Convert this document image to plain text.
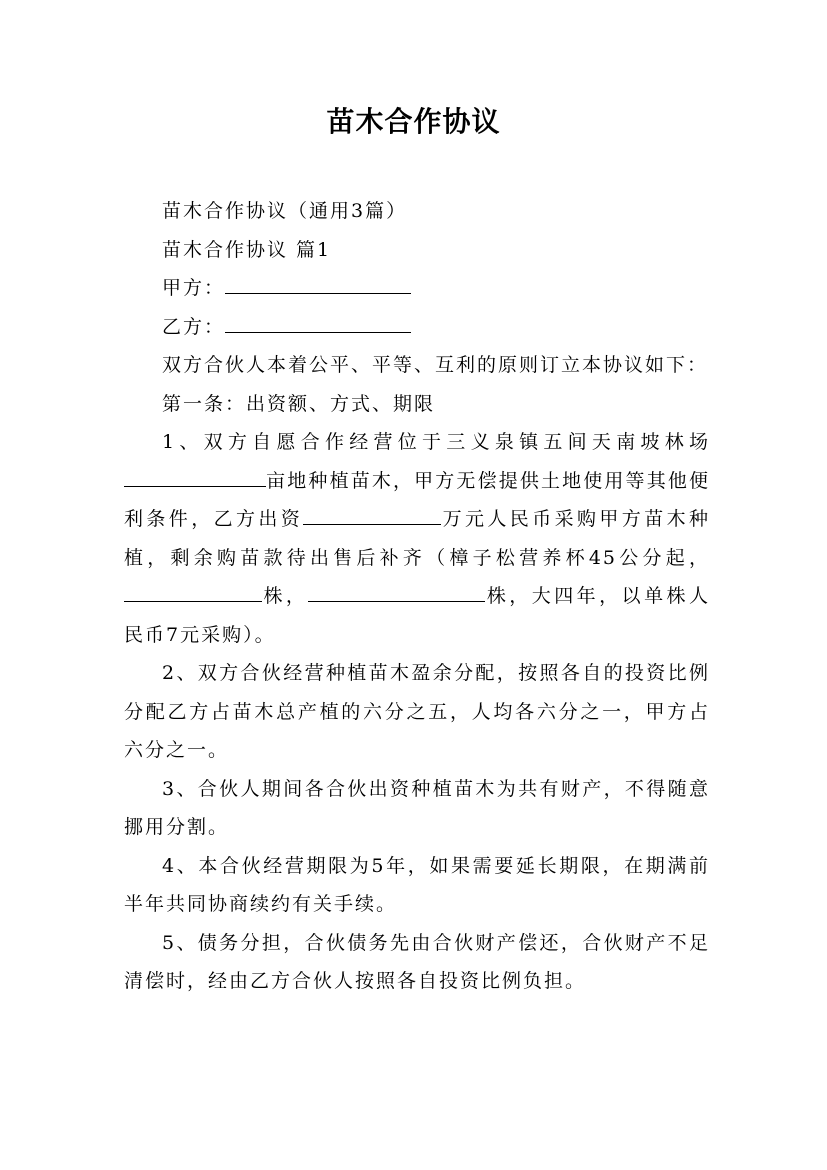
苗木合作协议

苗木合作协议（通用3篇）

苗木合作协议 篇1

甲方：

乙方：

双方合伙人本着公平、平等、互利的原则订立本协议如下：

第一条：出资额、方式、期限

1、双方自愿合作经营位于三义泉镇五间天南坡林场亩地种植苗木，甲方无偿提供土地使用等其他便利条件，乙方出资	万元人民币采购甲方苗木种植，剩余购苗款待出售后补齐（樟子松营养杯45公分起，株，	株，大四年，以单株人民币7元采购）。

2、双方合伙经营种植苗木盈余分配，按照各自的投资比例分配乙方占苗木总产植的六分之五，人均各六分之一，甲方占六分之一。

3、合伙人期间各合伙出资种植苗木为共有财产，不得随意挪用分割。

4、本合伙经营期限为5年，如果需要延长期限，在期满前半年共同协商续约有关手续。

5、债务分担，合伙债务先由合伙财产偿还，合伙财产不足清偿时，经由乙方合伙人按照各自投资比例负担。
